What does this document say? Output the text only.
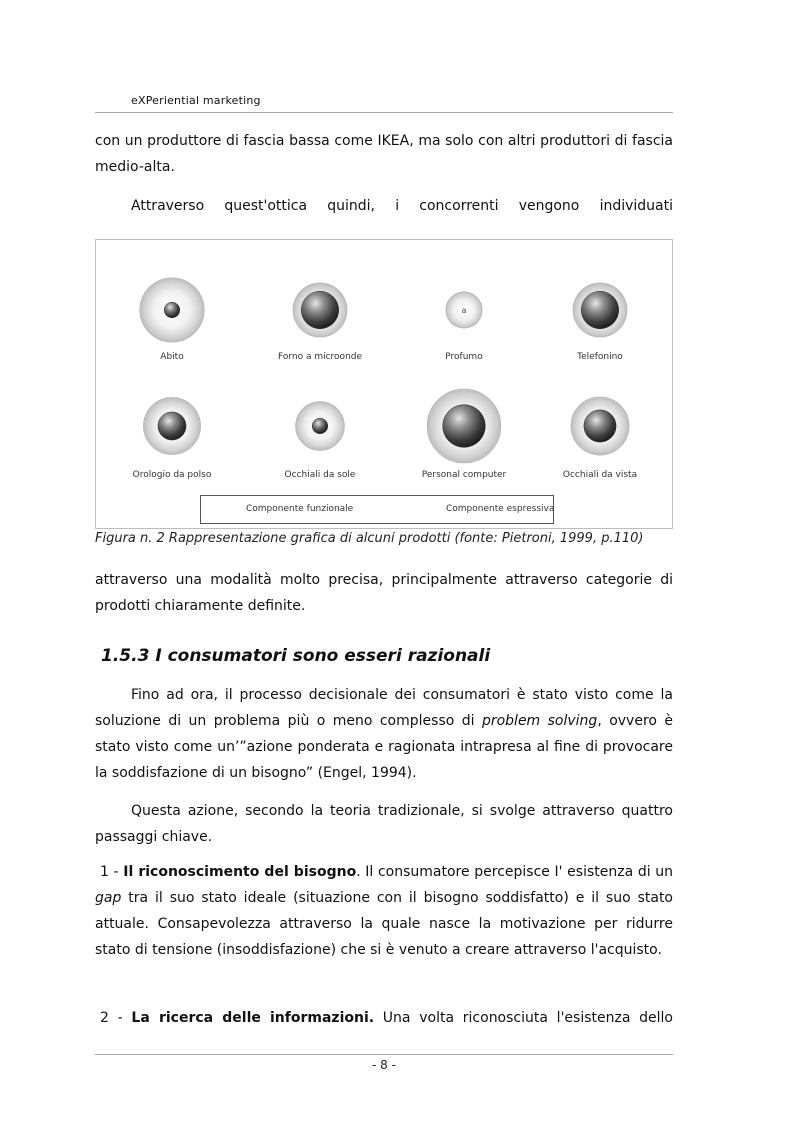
eXPeriential marketing

con un produttore di fascia bassa come IKEA, ma solo con altri produttori di fascia medio-alta.

Attraverso quest'ottica quindi, i concorrenti vengono individuati

a
Abito	Forno a microonde	Profumo	Telefonino
Orologio da polso	Occhiali da sole	Personal computer	Occhiali da vista
Componente funzionale	Componente espressiva

Figura n. 2 Rappresentazione grafica di alcuni prodotti (fonte: Pietroni, 1999, p.110)

attraverso una modalità molto precisa, principalmente attraverso categorie di prodotti chiaramente definite.

1.5.3 I consumatori sono esseri razionali

Fino ad ora, il processo decisionale dei consumatori è stato visto come la soluzione di un problema più o meno complesso di problem solving, ovvero è stato visto come un’”azione ponderata e ragionata intrapresa al fine di provocare la soddisfazione di un bisogno” (Engel, 1994).

Questa azione, secondo la teoria tradizionale, si svolge attraverso quattro passaggi chiave.

1 - Il riconoscimento del bisogno. Il consumatore percepisce I' esistenza di un gap tra il suo stato ideale (situazione con il bisogno soddisfatto) e il suo stato attuale. Consapevolezza attraverso la quale nasce la motivazione per ridurre stato di tensione (insoddisfazione) che si è venuto a creare attraverso l'acquisto.

2 - La ricerca delle informazioni. Una volta riconosciuta l'esistenza dello

- 8 -
